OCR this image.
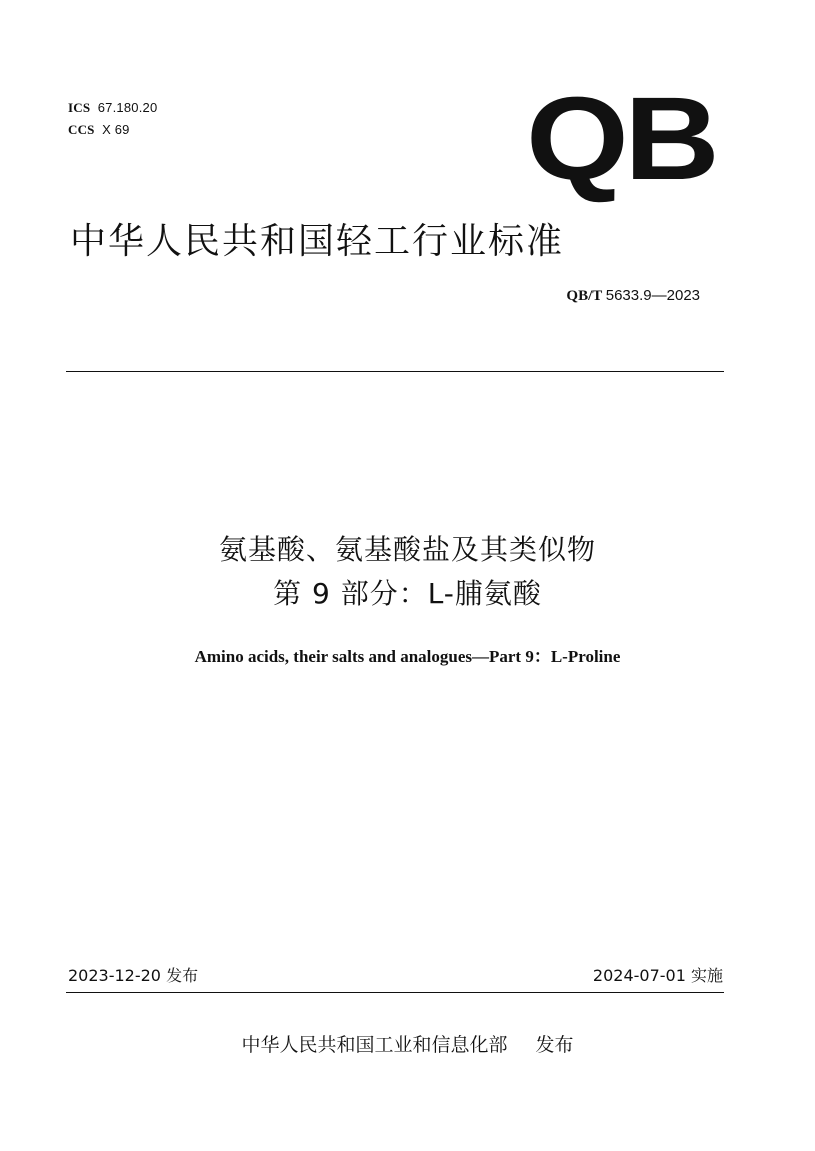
ICS 67.180.20
CCS X 69	QB
中华人民共和国轻工行业标准
QB/T 5633.9—2023
氨基酸、氨基酸盐及其类似物
第 9 部分：L-脯氨酸
Amino acids, their salts and analogues—Part 9：L-Proline
2023-12-20 发布	2024-07-01 实施
中华人民共和国工业和信息化部 发布
